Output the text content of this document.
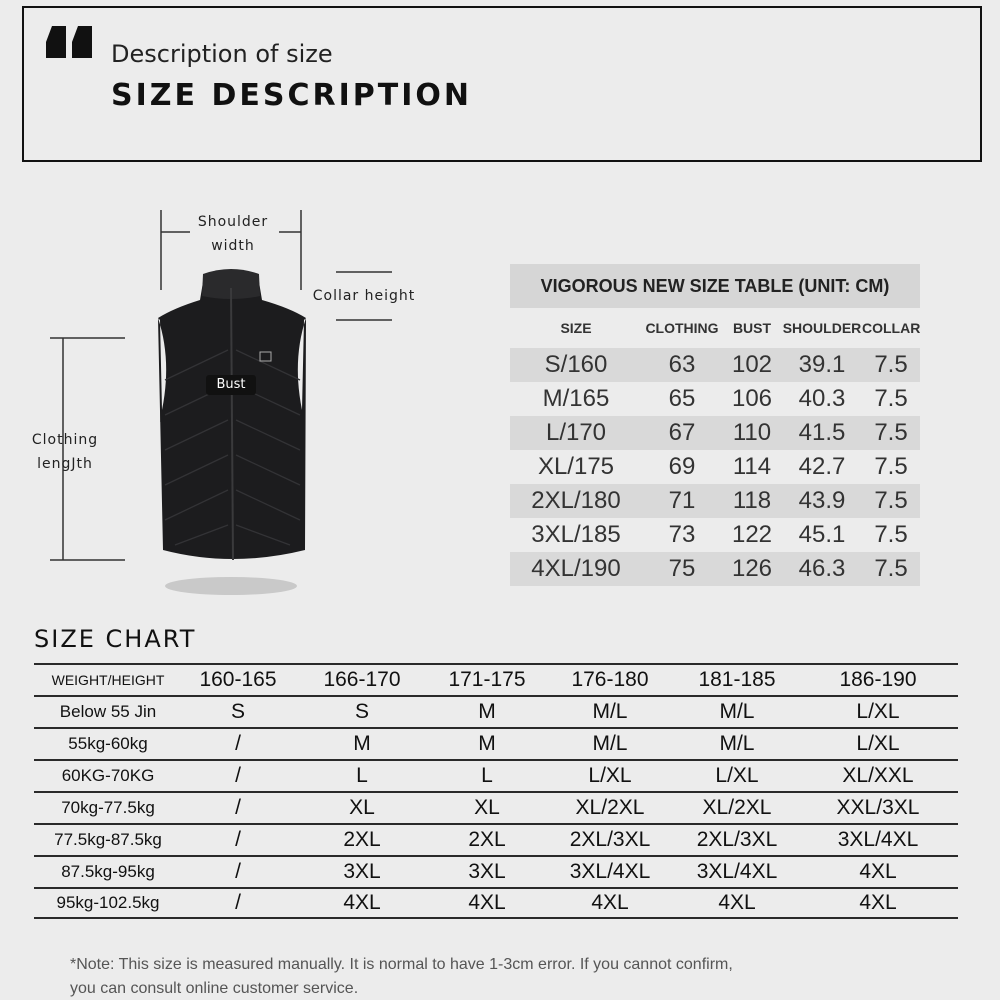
Description of size
SIZE DESCRIPTION
Shoulder
width
Collar height
Clothing
lengJth
Bust
VIGOROUS NEW SIZE TABLE (UNIT: CM)
SIZE	CLOTHING	BUST SHOULDER COLLAR
S/160	63	102	39.1	7.5
M/165	65	106	40.3	7.5
L/170	67	110	41.5	7.5
XL/175	69	114	42.7	7.5
2XL/180	71	118	43.9	7.5
3XL/185	73	122	45.1	7.5
4XL/190	75	126	46.3	7.5
SIZE CHART
WEIGHT/HEIGHT	160-165	166-170	171-175	176-180	181-185	186-190
Below 55 Jin	S	S	M	M/L	M/L	L/XL
55kg-60kg	/	M	M	M/L	M/L	L/XL
60KG-70KG	/	L	L	L/XL	L/XL	XL/XXL
70kg-77.5kg	/	XL	XL	XL/2XL	XL/2XL	XXL/3XL
77.5kg-87.5kg	/	2XL	2XL	2XL/3XL	2XL/3XL	3XL/4XL
87.5kg-95kg	/	3XL	3XL	3XL/4XL	3XL/4XL	4XL
95kg-102.5kg	/	4XL	4XL	4XL	4XL	4XL
*Note: This size is measured manually. It is normal to have 1-3cm error. If you cannot confirm,
you can consult online customer service.
